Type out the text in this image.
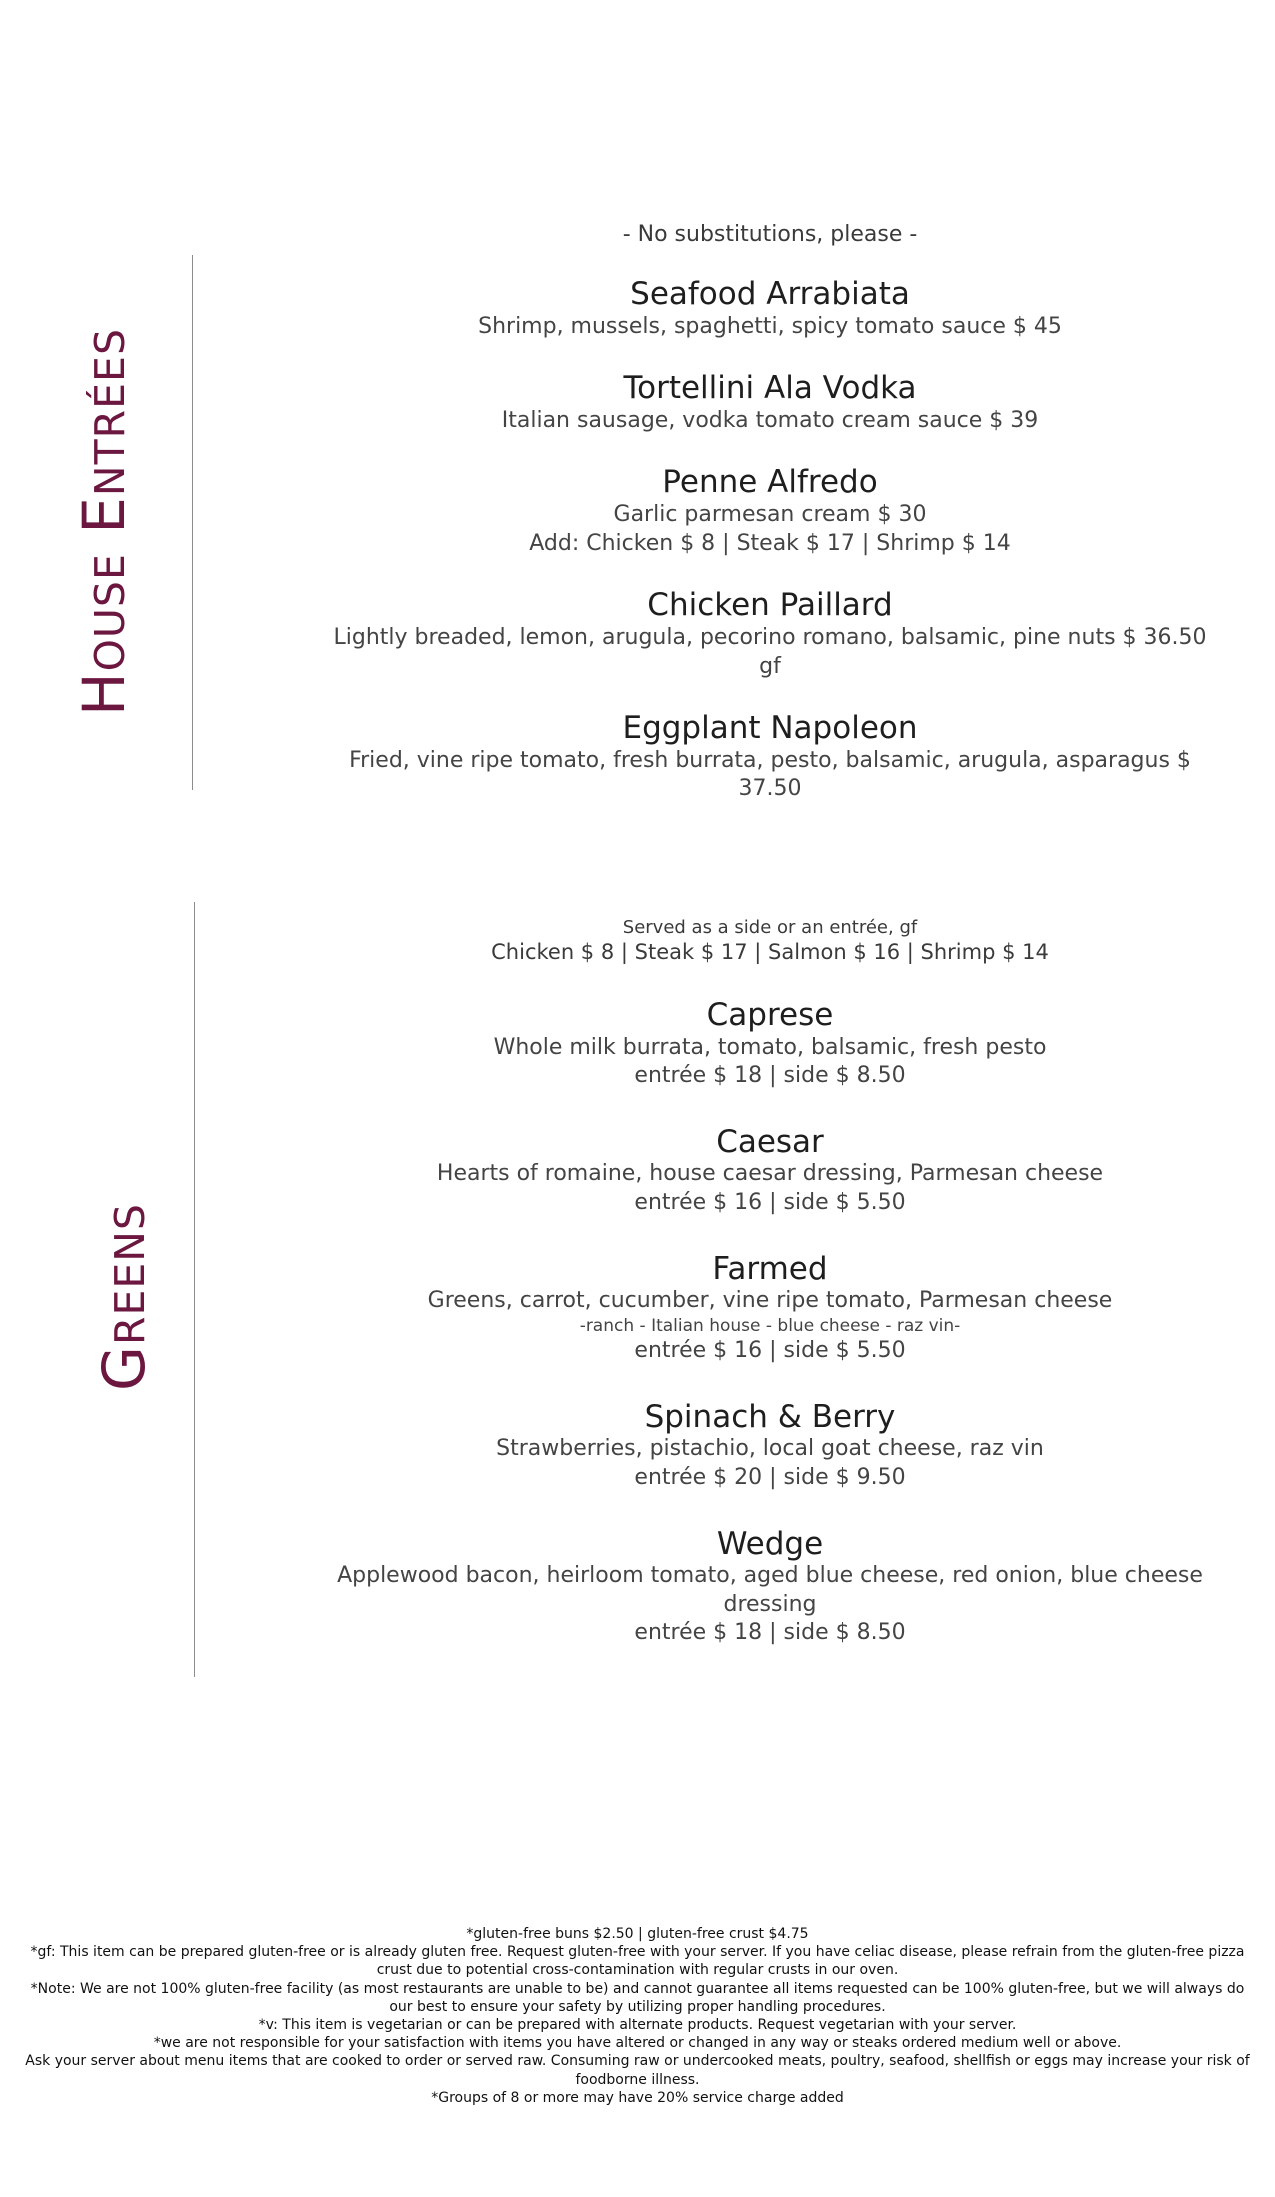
House Entrées
- No substitutions, please -
Seafood Arrabiata
Shrimp, mussels, spaghetti, spicy tomato sauce $ 45
Tortellini Ala Vodka
Italian sausage, vodka tomato cream sauce $ 39
Penne Alfredo
Garlic parmesan cream $ 30
Add: Chicken $ 8 | Steak $ 17 | Shrimp $ 14
Chicken Paillard
Lightly breaded, lemon, arugula, pecorino romano, balsamic, pine nuts $ 36.50 gf
Eggplant Napoleon
Fried, vine ripe tomato, fresh burrata, pesto, balsamic, arugula, asparagus $ 37.50
Greens
Served as a side or an entrée, gf
Chicken $ 8 | Steak $ 17 | Salmon $ 16 | Shrimp $ 14
Caprese
Whole milk burrata, tomato, balsamic, fresh pesto
entrée $ 18 | side $ 8.50
Caesar
Hearts of romaine, house caesar dressing, Parmesan cheese
entrée $ 16 | side $ 5.50
Farmed
Greens, carrot, cucumber, vine ripe tomato, Parmesan cheese
-ranch - Italian house - blue cheese - raz vin-
entrée $ 16 | side $ 5.50
Spinach & Berry
Strawberries, pistachio, local goat cheese, raz vin
entrée $ 20 | side $ 9.50
Wedge
Applewood bacon, heirloom tomato, aged blue cheese, red onion, blue cheese dressing
entrée $ 18 | side $ 8.50
*gluten-free buns $2.50 | gluten-free crust $4.75
*gf: This item can be prepared gluten-free or is already gluten free. Request gluten-free with your server. If you have celiac disease, please refrain from the gluten-free pizza crust due to potential cross-contamination with regular crusts in our oven.
*Note: We are not 100% gluten-free facility (as most restaurants are unable to be) and cannot guarantee all items requested can be 100% gluten-free, but we will always do our best to ensure your safety by utilizing proper handling procedures.
*v: This item is vegetarian or can be prepared with alternate products. Request vegetarian with your server.
*we are not responsible for your satisfaction with items you have altered or changed in any way or steaks ordered medium well or above.
Ask your server about menu items that are cooked to order or served raw. Consuming raw or undercooked meats, poultry, seafood, shellfish or eggs may increase your risk of foodborne illness.
*Groups of 8 or more may have 20% service charge added
